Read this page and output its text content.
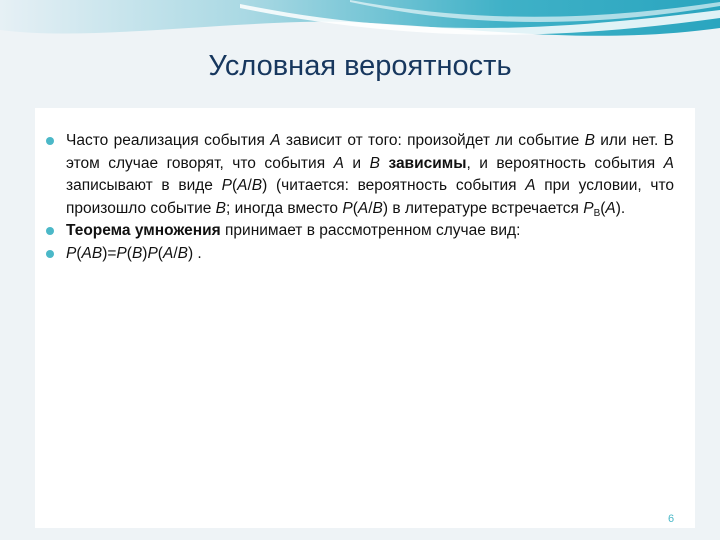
Условная вероятность

Часто реализация события A зависит от того: произойдет ли событие B или нет. В этом случае говорят, что события A и B зависимы, и вероятность события A записывают в виде P(A/B) (читается: вероятность события A при условии, что произошло событие B; иногда вместо P(A/B) в литературе встречается $P_B(A)$.

Теорема умножения принимает в рассмотренном случае вид:

P(AB)=P(B)P(A/B) .

6
